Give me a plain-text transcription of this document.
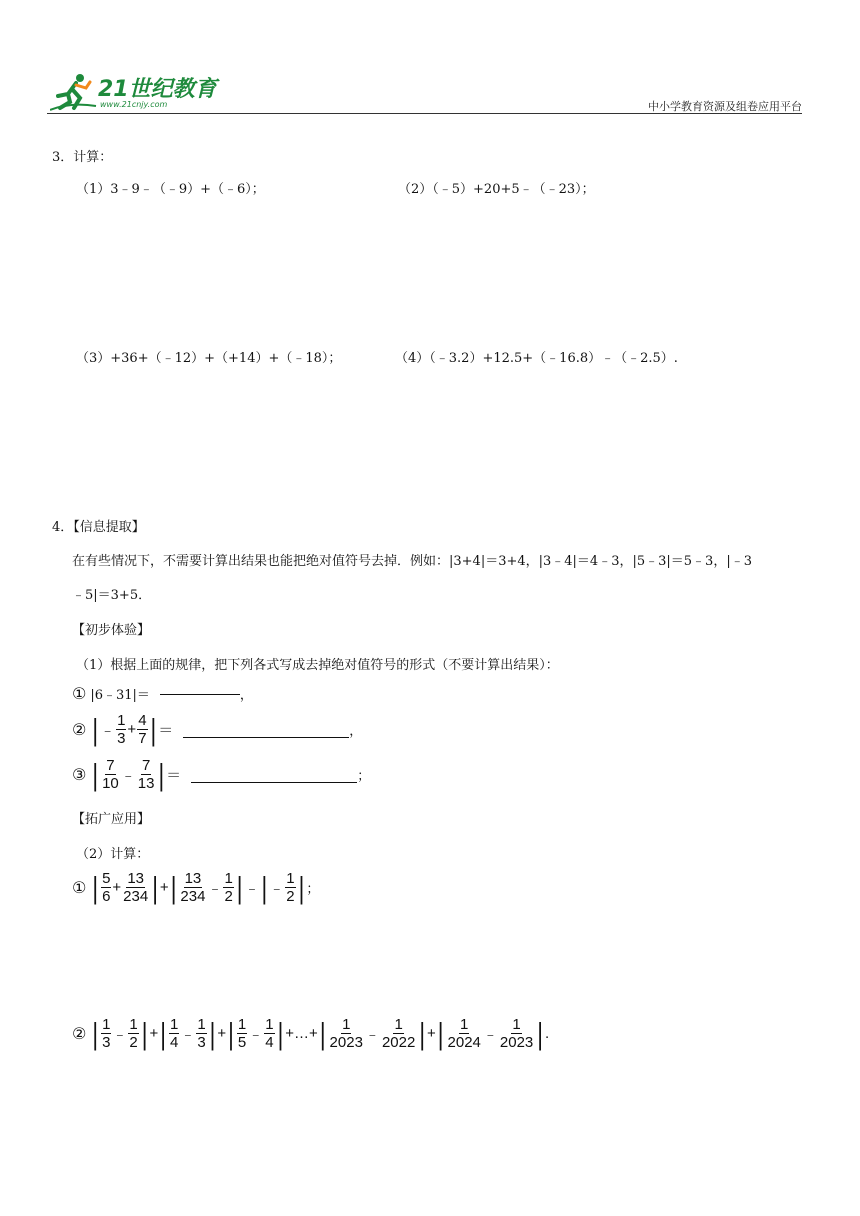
21世纪教育
www.21cnjy.com	中小学教育资源及组卷应用平台
3．计算：
（1）3﹣9﹣（﹣9）+（﹣6）；	（2）（﹣5）+20+5﹣（﹣23）；
（3）+36+（﹣12）+（+14）+（﹣18）；	（4）（﹣3.2）+12.5+（﹣16.8）﹣（﹣2.5）.
4．【信息提取】
在有些情况下，不需要计算出结果也能把绝对值符号去掉．例如：|3+4|＝3+4，|3﹣4|＝4﹣3，|5﹣3|＝5﹣3，|﹣3
﹣5|＝3+5．
【初步体验】
（1）根据上面的规律，把下列各式写成去掉绝对值符号的形式（不要计算出结果）：
① |6﹣31|＝	，
② | ﹣ $\frac{1}{3} + \frac{4}{7}$ | ＝	，
③ | $\frac{7}{10}$ ﹣ $\frac{7}{13}$ | ＝	；
【拓广应用】
（2）计算：
① | $\frac{5}{6} + \frac{13}{234}$ | + | $\frac{13}{234}$ ﹣ $\frac{1}{2}$ | ﹣ | ﹣ $\frac{1}{2}$ | ；
② | $\frac{1}{3}$ ﹣ $\frac{1}{2}$ | + | $\frac{1}{4}$ ﹣ $\frac{1}{3}$ | + | $\frac{1}{5}$ ﹣ $\frac{1}{4}$ | +…+ | $\frac{1}{2023}$ ﹣ $\frac{1}{2022}$ | + | $\frac{1}{2024}$ ﹣ $\frac{1}{2023}$ | .
